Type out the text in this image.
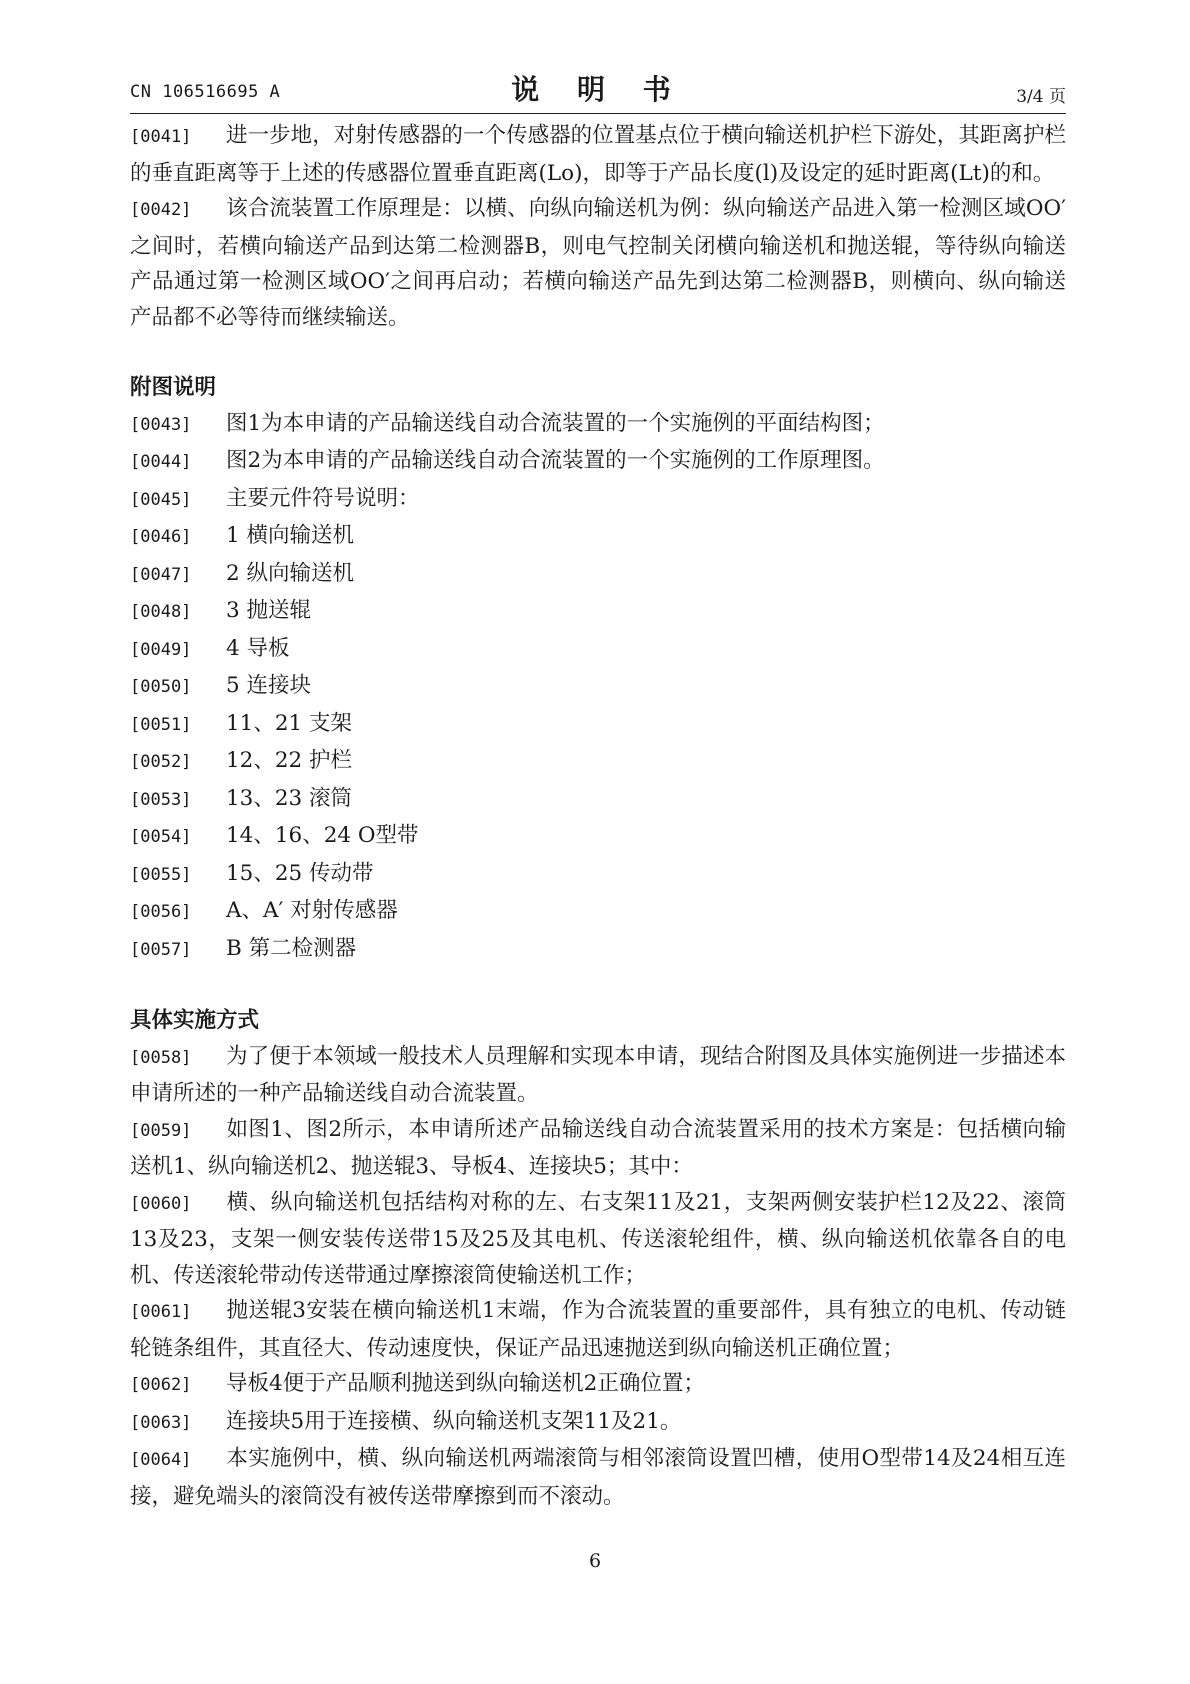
CN 106516695 A	说 明 书	3/4 页

[0041] 进一步地，对射传感器的一个传感器的位置基点位于横向输送机护栏下游处，其距离护栏的垂直距离等于上述的传感器位置垂直距离(Lo)，即等于产品长度(l)及设定的延时距离(Lt)的和。

[0042] 该合流装置工作原理是：以横、向纵向输送机为例：纵向输送产品进入第一检测区域OO′之间时，若横向输送产品到达第二检测器B，则电气控制关闭横向输送机和抛送辊，等待纵向输送产品通过第一检测区域OO′之间再启动；若横向输送产品先到达第二检测器B，则横向、纵向输送产品都不必等待而继续输送。

附图说明

[0043] 图1为本申请的产品输送线自动合流装置的一个实施例的平面结构图；

[0044] 图2为本申请的产品输送线自动合流装置的一个实施例的工作原理图。

[0045] 主要元件符号说明：

[0046] 1 横向输送机

[0047] 2 纵向输送机

[0048] 3 抛送辊

[0049] 4 导板

[0050] 5 连接块

[0051] 11、21 支架

[0052] 12、22 护栏

[0053] 13、23 滚筒

[0054] 14、16、24 O型带

[0055] 15、25 传动带

[0056] A、A′ 对射传感器

[0057] B 第二检测器

具体实施方式

[0058] 为了便于本领域一般技术人员理解和实现本申请，现结合附图及具体实施例进一步描述本申请所述的一种产品输送线自动合流装置。

[0059] 如图1、图2所示，本申请所述产品输送线自动合流装置采用的技术方案是：包括横向输送机1、纵向输送机2、抛送辊3、导板4、连接块5；其中：

[0060] 横、纵向输送机包括结构对称的左、右支架11及21，支架两侧安装护栏12及22、滚筒13及23，支架一侧安装传送带15及25及其电机、传送滚轮组件，横、纵向输送机依靠各自的电机、传送滚轮带动传送带通过摩擦滚筒使输送机工作；

[0061] 抛送辊3安装在横向输送机1末端，作为合流装置的重要部件，具有独立的电机、传动链轮链条组件，其直径大、传动速度快，保证产品迅速抛送到纵向输送机正确位置；

[0062] 导板4便于产品顺利抛送到纵向输送机2正确位置；

[0063] 连接块5用于连接横、纵向输送机支架11及21。

[0064] 本实施例中，横、纵向输送机两端滚筒与相邻滚筒设置凹槽，使用O型带14及24相互连接，避免端头的滚筒没有被传送带摩擦到而不滚动。

6
